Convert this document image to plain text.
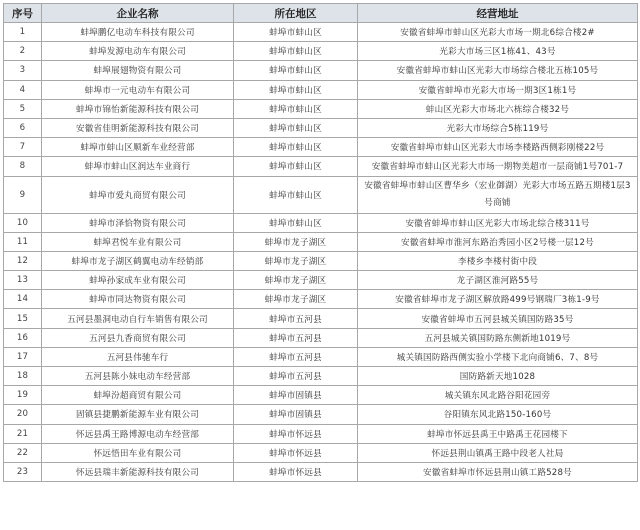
序号	企业名称	所在地区	经营地址
1	蚌埠鹏亿电动车科技有限公司	蚌埠市蚌山区	安徽省蚌埠市蚌山区光彩大市场一期北6综合楼2#
2	蚌埠发源电动车有限公司	蚌埠市蚌山区	光彩大市场三区1栋41、43号
3	蚌埠展翅物资有限公司	蚌埠市蚌山区	安徽省蚌埠市蚌山区光彩大市场综合楼北五栋105号
4	蚌埠市一元电动车有限公司	蚌埠市蚌山区	安徽省蚌埠市光彩大市场一期3区1栋1号
5	蚌埠市锦怡新能源科技有限公司	蚌埠市蚌山区	蚌山区光彩大市场北六栋综合楼32号
6	安徽省佳明新能源科技有限公司	蚌埠市蚌山区	光彩大市场综合5栋119号
7	蚌埠市蚌山区顺新车业经营部	蚌埠市蚌山区	安徽省蚌埠市蚌山区光彩大市场李楼路西侧彩刚楼22号
8	蚌埠市蚌山区润达车业商行	蚌埠市蚌山区	安徽省蚌埠市蚌山区光彩大市场一期物美超市一层商铺1号701-7
9	蚌埠市爱丸商贸有限公司	蚌埠市蚌山区	安徽省蚌埠市蚌山区曹华乡（宏业御湖）光彩大市场五路五期楼1层3号商铺
10	蚌埠市泽恰物资有限公司	蚌埠市蚌山区	安徽省蚌埠市蚌山区光彩大市场北综合楼311号
11	蚌埠君悦车业有限公司	蚌埠市龙子湖区	安徽省蚌埠市淮河东路治秀园小区2号楼一层12号
12	蚌埠市龙子湖区鹤翼电动车经销部	蚌埠市龙子湖区	李楼乡李楼村街中段
13	蚌埠孙家成车业有限公司	蚌埠市龙子湖区	龙子湖区淮河路55号
14	蚌埠市同达物资有限公司	蚌埠市龙子湖区	安徽省蚌埠市龙子湖区解放路499号钢瑞厂3栋1-9号
15	五河县墨洞电动自行车销售有限公司	蚌埠市五河县	安徽省蚌埠市五河县城关镇国防路35号
16	五河县九香商贸有限公司	蚌埠市五河县	五河县城关镇国防路东侧新地1019号
17	五河县伟驰车行	蚌埠市五河县	城关镇国防路西侧实验小学楼下北向商铺6、7、8号
18	五河县陈小妹电动车经营部	蚌埠市五河县	国防路新天地1028
19	蚌埠汾超商贸有限公司	蚌埠市固镇县	城关镇东风北路谷阳花园旁
20	固镇县捷鹏新能源车业有限公司	蚌埠市固镇县	谷阳镇东风北路150-160号
21	怀远县禹王路博源电动车经营部	蚌埠市怀远县	蚌埠市怀远县禹王中路禹王花园楼下
22	怀远悟田车业有限公司	蚌埠市怀远县	怀远县荆山镇禹王路中段老人社局
23	怀远县瑞丰新能源科技有限公司	蚌埠市怀远县	安徽省蚌埠市怀远县荆山镇工路528号
